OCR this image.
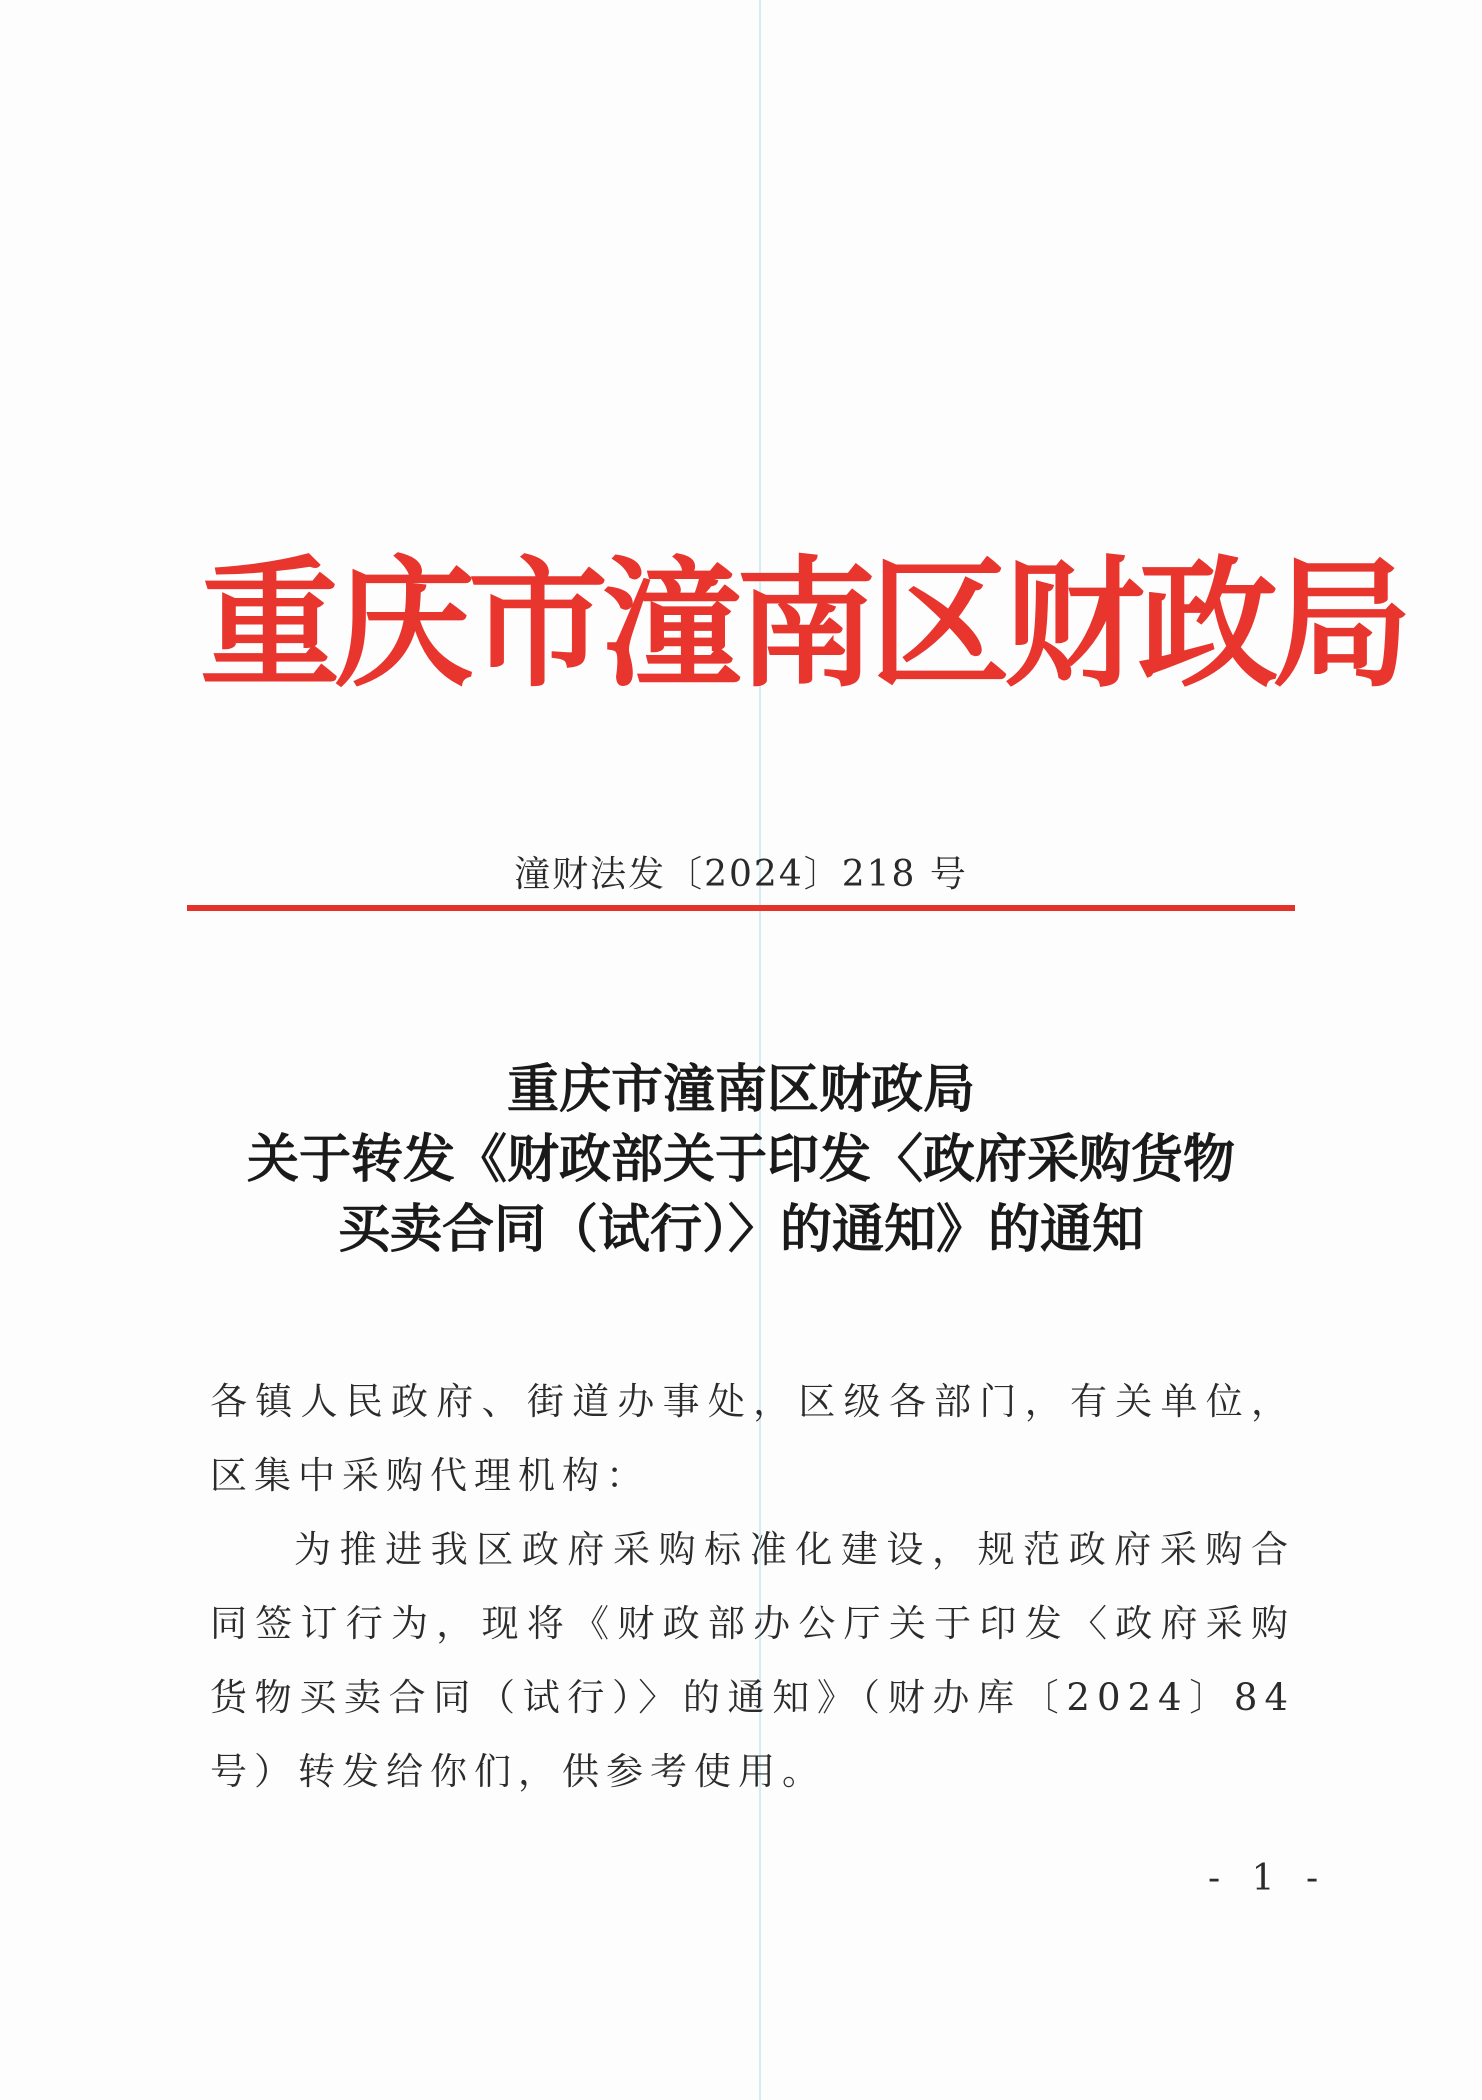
重庆市潼南区财政局
潼财法发〔2024〕218 号
重庆市潼南区财政局
关于转发《财政部关于印发〈政府采购货物
买卖合同（试行）〉的通知》的通知

各镇人民政府、街道办事处，区级各部门，有关单位，区集中采购代理机构：

为推进我区政府采购标准化建设，规范政府采购合同签订行为，现将《财政部办公厅关于印发〈政府采购货物买卖合同（试行）〉的通知》（财办库〔2024〕84 号）转发给你们，供参考使用。

- 1 -
